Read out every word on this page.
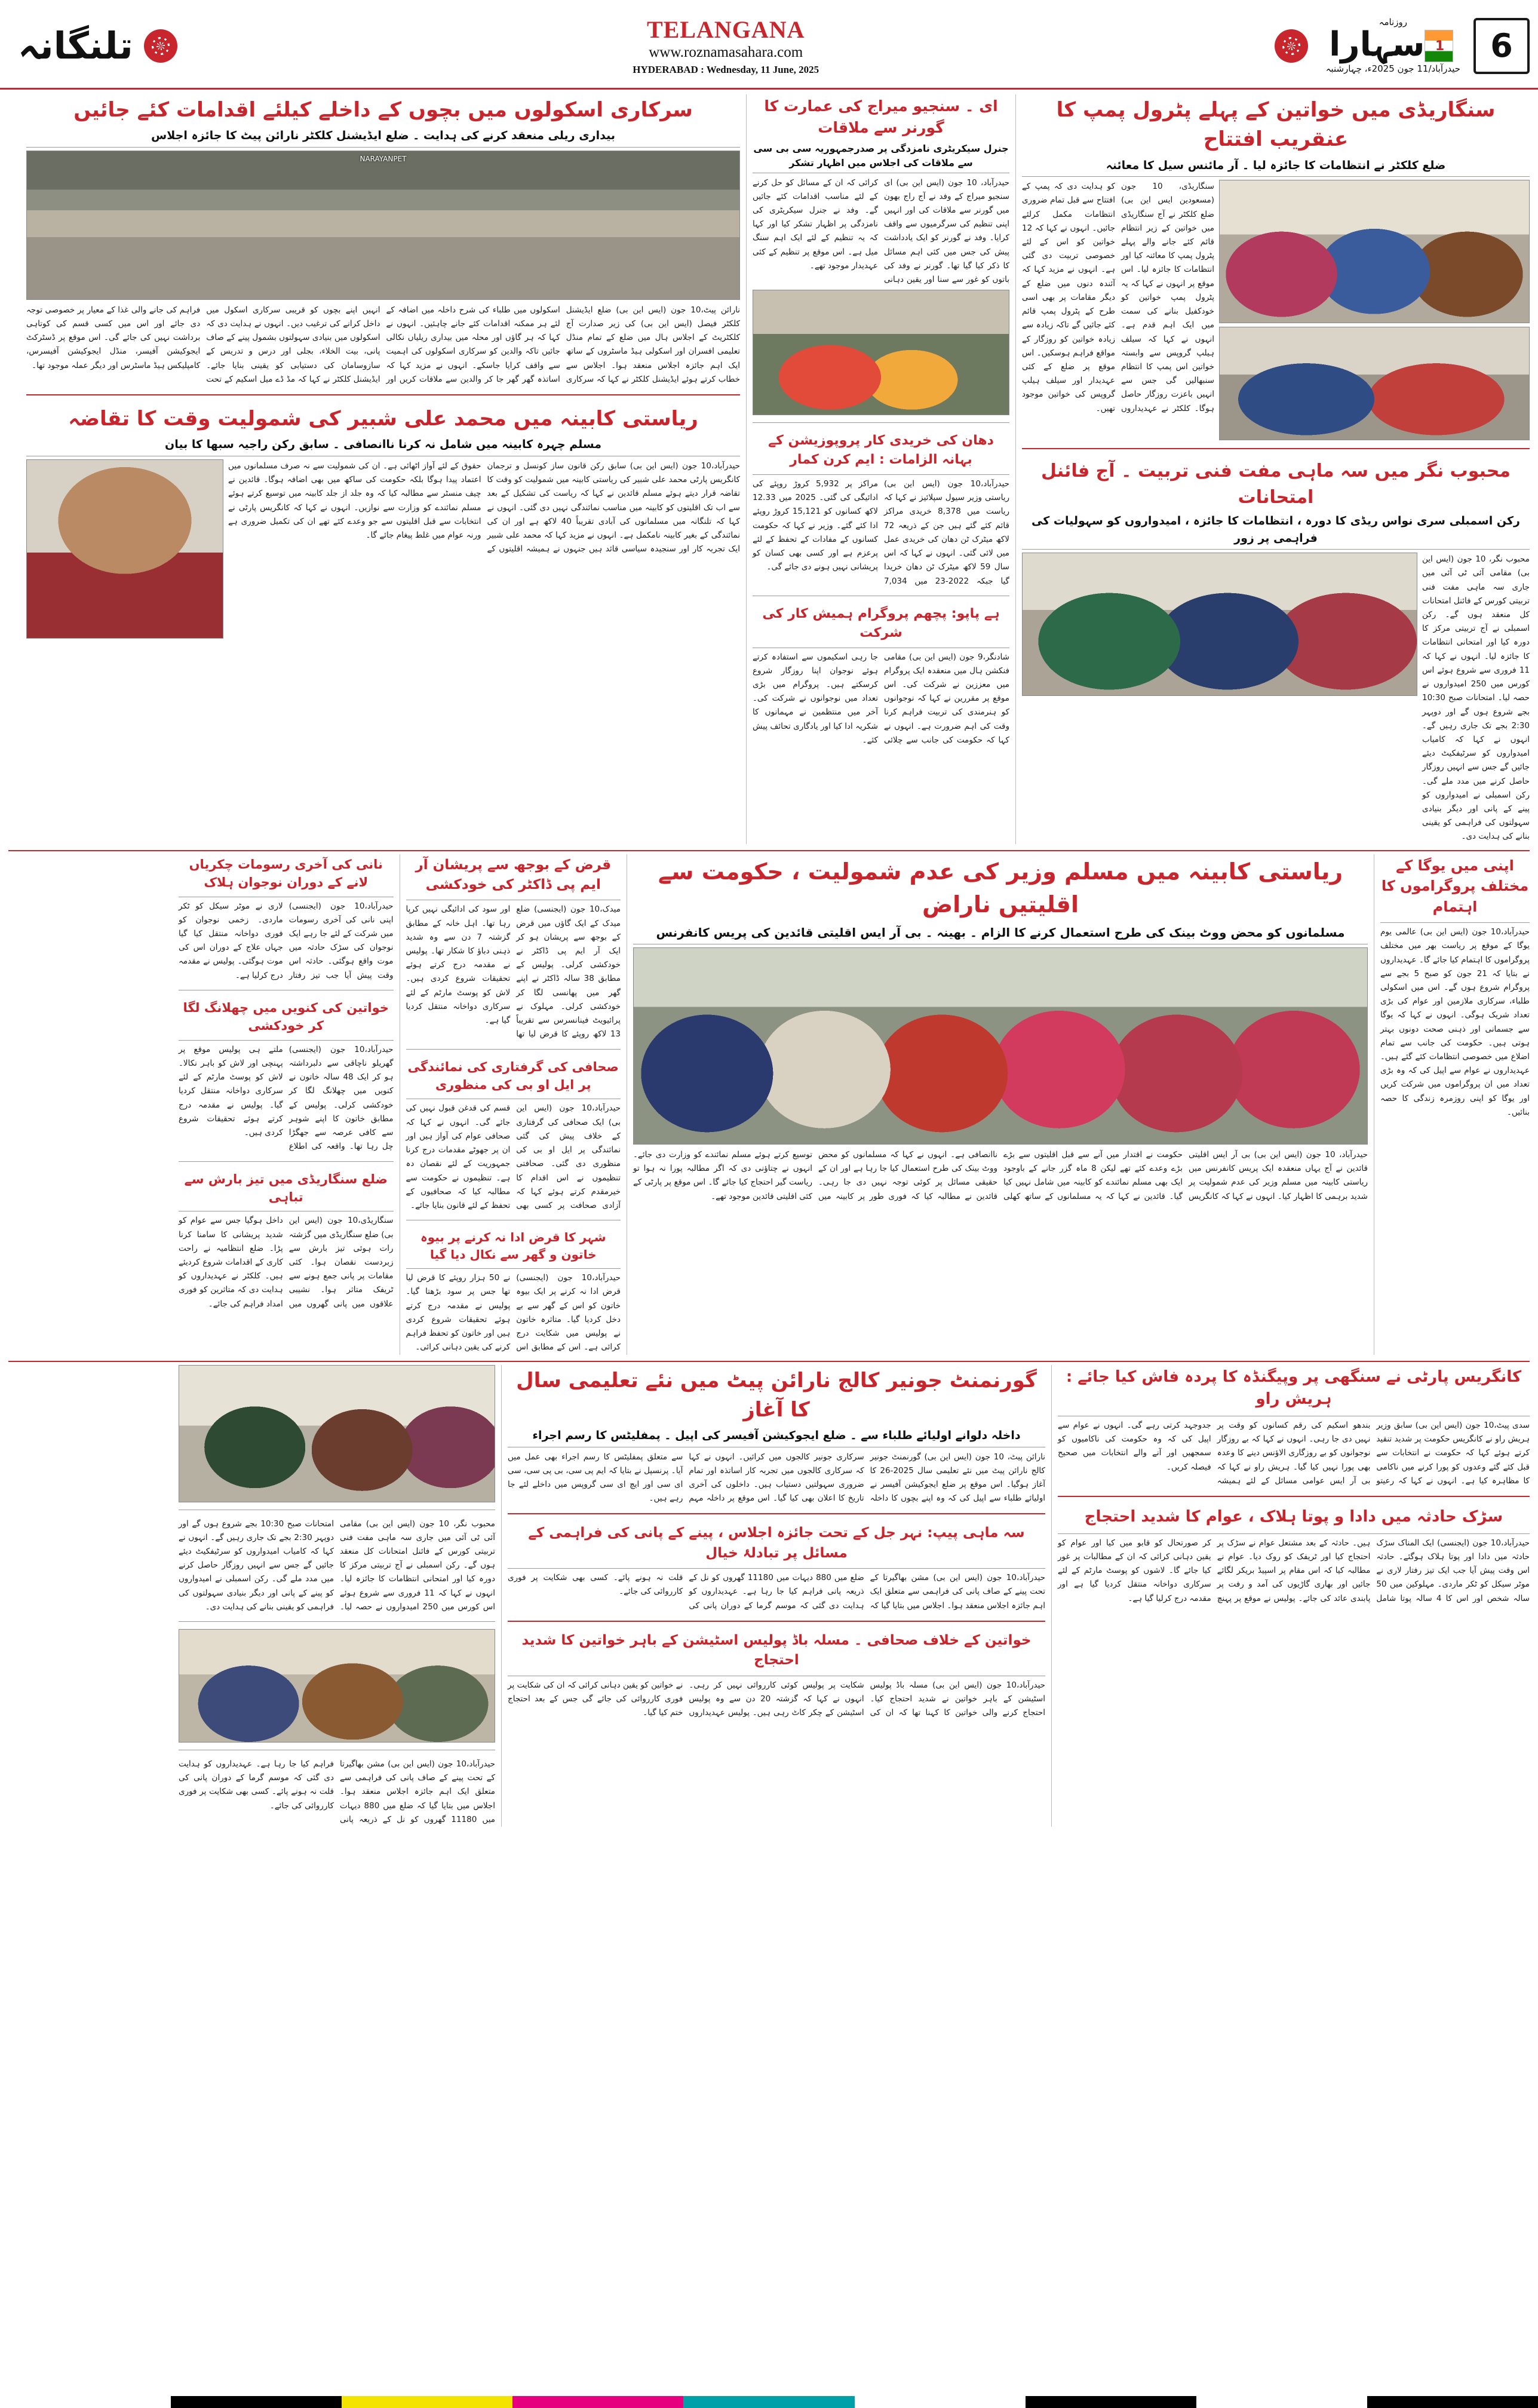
6
روزنامہ
1سہارا
حیدرآباد/11 جون 2025ء، چہارشنبہ
TELANGANA
www.roznamasahara.com
HYDERABAD : Wednesday, 11 June, 2025
تلنگانہ
سنگاریڈی میں خواتین کے پہلے پٹرول پمپ کا عنقریب افتتاح
ضلع کلکٹر نے انتظامات کا جائزہ لیا ۔ آر مائنس سیل کا معائنہ
سنگاریڈی، 10 جون (مسعودین ایس این بی) ضلع کلکٹر نے آج سنگاریڈی میں خواتین کے زیر انتظام قائم کئے جانے والے پہلے پٹرول پمپ کا معائنہ کیا اور انتظامات کا جائزہ لیا۔ اس موقع پر انہوں نے کہا کہ یہ پٹرول پمپ خواتین کو خودکفیل بنانے کی سمت میں ایک اہم قدم ہے۔ انہوں نے کہا کہ سیلف ہیلپ گروپس سے وابستہ خواتین اس پمپ کا انتظام سنبھالیں گی جس سے انہیں باعزت روزگار حاصل ہوگا۔ کلکٹر نے عہدیداروں کو ہدایت دی کہ پمپ کے افتتاح سے قبل تمام ضروری انتظامات مکمل کرلئے جائیں۔ انہوں نے کہا کہ 12 خواتین کو اس کے لئے خصوصی تربیت دی گئی ہے۔ انہوں نے مزید کہا کہ آئندہ دنوں میں ضلع کے دیگر مقامات پر بھی اسی طرح کے پٹرول پمپ قائم کئے جائیں گے تاکہ زیادہ سے زیادہ خواتین کو روزگار کے مواقع فراہم ہوسکیں۔ اس موقع پر ضلع کے کئی عہدیدار اور سیلف ہیلپ گروپس کی خواتین موجود تھیں۔
محبوب نگر میں سہ ماہی مفت فنی تربیت ۔ آج فائنل امتحانات
رکن اسمبلی سری نواس ریڈی کا دورہ ، انتظامات کا جائزہ ، امیدواروں کو سہولیات کی فراہمی پر زور
محبوب نگر، 10 جون (ایس این بی) مقامی آئی ٹی آئی میں جاری سہ ماہی مفت فنی تربیتی کورس کے فائنل امتحانات کل منعقد ہوں گے۔ رکن اسمبلی نے آج تربیتی مرکز کا دورہ کیا اور امتحانی انتظامات کا جائزہ لیا۔ انہوں نے کہا کہ 11 فروری سے شروع ہوئے اس کورس میں 250 امیدواروں نے حصہ لیا۔ امتحانات صبح 10:30 بجے شروع ہوں گے اور دوپہر 2:30 بجے تک جاری رہیں گے۔ انہوں نے کہا کہ کامیاب امیدواروں کو سرٹیفکیٹ دیئے جائیں گے جس سے انہیں روزگار حاصل کرنے میں مدد ملے گی۔ رکن اسمبلی نے امیدواروں کو پینے کے پانی اور دیگر بنیادی سہولتوں کی فراہمی کو یقینی بنانے کی ہدایت دی۔
ای ۔ سنجیو میراج کی عمارت کا گورنر سے ملاقات
جنرل سیکریٹری نامزدگی پر صدرجمہوریہ سی بی سی سے ملاقات کی اجلاس میں اظہار تشکر
حیدرآباد، 10 جون (ایس این بی) ای سنجیو میراج کے وفد نے آج راج بھون میں گورنر سے ملاقات کی اور انہیں اپنی تنظیم کی سرگرمیوں سے واقف کرایا۔ وفد نے گورنر کو ایک یادداشت پیش کی جس میں کئی اہم مسائل کا ذکر کیا گیا تھا۔ گورنر نے وفد کی باتوں کو غور سے سنا اور یقین دہانی کرائی کہ ان کے مسائل کو حل کرنے کے لئے مناسب اقدامات کئے جائیں گے۔ وفد نے جنرل سیکریٹری کی نامزدگی پر اظہار تشکر کیا اور کہا کہ یہ تنظیم کے لئے ایک اہم سنگ میل ہے۔ اس موقع پر تنظیم کے کئی عہدیدار موجود تھے۔
دھان کی خریدی کار پروپوزیشن کے بہانہ الزامات : ایم کرن کمار
حیدرآباد،10 جون (ایس این بی) ریاستی وزیر سیول سپلائیز نے کہا کہ ریاست میں 8,378 خریدی مراکز قائم کئے گئے ہیں جن کے ذریعہ 72 لاکھ میٹرک ٹن دھان کی خریدی عمل میں لائی گئی۔ انہوں نے کہا کہ اس سال 59 لاکھ میٹرک ٹن دھان خریدا گیا جبکہ 2022-23 میں 7,034 مراکز پر 5,932 کروڑ روپئے کی ادائیگی کی گئی۔ 2025 میں 12.33 لاکھ کسانوں کو 15,121 کروڑ روپئے ادا کئے گئے۔ وزیر نے کہا کہ حکومت کسانوں کے مفادات کے تحفظ کے لئے پرعزم ہے اور کسی بھی کسان کو پریشانی نہیں ہونے دی جائے گی۔
ہے پاپو: پچھم پروگرام ہمیش کار کی شرکت
شادنگر،9 جون (ایس این بی) مقامی فنکشن ہال میں منعقدہ ایک پروگرام میں معززین نے شرکت کی۔ اس موقع پر مقررین نے کہا کہ نوجوانوں کو ہنرمندی کی تربیت فراہم کرنا وقت کی اہم ضرورت ہے۔ انہوں نے کہا کہ حکومت کی جانب سے چلائی جا رہی اسکیموں سے استفادہ کرتے ہوئے نوجوان اپنا روزگار شروع کرسکتے ہیں۔ پروگرام میں بڑی تعداد میں نوجوانوں نے شرکت کی۔ آخر میں منتظمین نے مہمانوں کا شکریہ ادا کیا اور یادگاری تحائف پیش کئے۔
سرکاری اسکولوں میں بچوں کے داخلے کیلئے اقدامات کئے جائیں
بیداری ریلی منعقد کرنے کی ہدایت ۔ ضلع ایڈیشنل کلکٹر نارائن پیٹ کا جائزہ اجلاس
NARAYANPET
نارائن پیٹ،10 جون (ایس این بی) ضلع ایڈیشنل کلکٹر فیصل (ایس این بی) کی زیر صدارت آج کلکٹریٹ کے اجلاس ہال میں ضلع کے تمام منڈل تعلیمی افسران اور اسکولی ہیڈ ماسٹروں کے ساتھ ایک اہم جائزہ اجلاس منعقد ہوا۔ اجلاس سے خطاب کرتے ہوئے ایڈیشنل کلکٹر نے کہا کہ سرکاری اسکولوں میں طلباء کی شرح داخلہ میں اضافہ کے لئے ہر ممکنہ اقدامات کئے جانے چاہئیں۔ انہوں نے کہا کہ ہر گاؤں اور محلہ میں بیداری ریلیاں نکالی جائیں تاکہ والدین کو سرکاری اسکولوں کی اہمیت سے واقف کرایا جاسکے۔ انہوں نے مزید کہا کہ اساتذہ گھر گھر جا کر والدین سے ملاقات کریں اور انہیں اپنے بچوں کو قریبی سرکاری اسکول میں داخل کرانے کی ترغیب دیں۔ انہوں نے ہدایت دی کہ اسکولوں میں بنیادی سہولتوں بشمول پینے کے صاف پانی، بیت الخلاء، بجلی اور درس و تدریس کے سازوسامان کی دستیابی کو یقینی بنایا جائے۔ ایڈیشنل کلکٹر نے کہا کہ مڈ ڈے میل اسکیم کے تحت فراہم کی جانے والی غذا کے معیار پر خصوصی توجہ دی جائے اور اس میں کسی قسم کی کوتاہی برداشت نہیں کی جائے گی۔ اس موقع پر ڈسٹرکٹ ایجوکیشن آفیسر، منڈل ایجوکیشن آفیسرس، کامپلیکس ہیڈ ماسٹرس اور دیگر عملہ موجود تھا۔
ریاستی کابینہ میں محمد علی شبیر کی شمولیت وقت کا تقاضہ
مسلم چہرہ کابینہ میں شامل نہ کرنا ناانصافی ۔ سابق رکن راجیہ سبھا کا بیان
حیدرآباد،10 جون (ایس این بی) سابق رکن قانون ساز کونسل و ترجمان کانگریس پارٹی محمد علی شبیر کی ریاستی کابینہ میں شمولیت کو وقت کا تقاضہ قرار دیتے ہوئے مسلم قائدین نے کہا کہ ریاست کی تشکیل کے بعد سے اب تک اقلیتوں کو کابینہ میں مناسب نمائندگی نہیں دی گئی۔ انہوں نے کہا کہ تلنگانہ میں مسلمانوں کی آبادی تقریباً 40 لاکھ ہے اور ان کی نمائندگی کے بغیر کابینہ نامکمل ہے۔ انہوں نے مزید کہا کہ محمد علی شبیر ایک تجربہ کار اور سنجیدہ سیاسی قائد ہیں جنہوں نے ہمیشہ اقلیتوں کے حقوق کے لئے آواز اٹھائی ہے۔ ان کی شمولیت سے نہ صرف مسلمانوں میں اعتماد پیدا ہوگا بلکہ حکومت کی ساکھ میں بھی اضافہ ہوگا۔ قائدین نے چیف منسٹر سے مطالبہ کیا کہ وہ جلد از جلد کابینہ میں توسیع کرتے ہوئے مسلم نمائندے کو وزارت سے نوازیں۔ انہوں نے کہا کہ کانگریس پارٹی نے انتخابات سے قبل اقلیتوں سے جو وعدے کئے تھے ان کی تکمیل ضروری ہے ورنہ عوام میں غلط پیغام جائے گا۔
اپنی میں یوگا کے مختلف پروگراموں کا اہتمام
حیدرآباد،10 جون (ایس این بی) عالمی یوم یوگا کے موقع پر ریاست بھر میں مختلف پروگراموں کا اہتمام کیا جائے گا۔ عہدیداروں نے بتایا کہ 21 جون کو صبح 5 بجے سے پروگرام شروع ہوں گے۔ اس میں اسکولی طلباء، سرکاری ملازمین اور عوام کی بڑی تعداد شریک ہوگی۔ انہوں نے کہا کہ یوگا سے جسمانی اور ذہنی صحت دونوں بہتر ہوتی ہیں۔ حکومت کی جانب سے تمام اضلاع میں خصوصی انتظامات کئے گئے ہیں۔ عہدیداروں نے عوام سے اپیل کی کہ وہ بڑی تعداد میں ان پروگراموں میں شرکت کریں اور یوگا کو اپنی روزمرہ زندگی کا حصہ بنائیں۔
ریاستی کابینہ میں مسلم وزیر کی عدم شمولیت ، حکومت سے اقلیتیں ناراض
مسلمانوں کو محض ووٹ بینک کی طرح استعمال کرنے کا الزام ۔ بھینہ ۔ بی آر ایس اقلیتی قائدین کی پریس کانفرنس
حیدرآباد، 10 جون (ایس این بی) بی آر ایس اقلیتی قائدین نے آج یہاں منعقدہ ایک پریس کانفرنس میں ریاستی کابینہ میں مسلم وزیر کی عدم شمولیت پر شدید برہمی کا اظہار کیا۔ انہوں نے کہا کہ کانگریس حکومت نے اقتدار میں آنے سے قبل اقلیتوں سے بڑے بڑے وعدے کئے تھے لیکن 8 ماہ گزر جانے کے باوجود ایک بھی مسلم نمائندے کو کابینہ میں شامل نہیں کیا گیا۔ قائدین نے کہا کہ یہ مسلمانوں کے ساتھ کھلی ناانصافی ہے۔ انہوں نے کہا کہ مسلمانوں کو محض ووٹ بینک کی طرح استعمال کیا جا رہا ہے اور ان کے حقیقی مسائل پر کوئی توجہ نہیں دی جا رہی۔ قائدین نے مطالبہ کیا کہ فوری طور پر کابینہ میں توسیع کرتے ہوئے مسلم نمائندے کو وزارت دی جائے۔ انہوں نے چتاؤنی دی کہ اگر مطالبہ پورا نہ ہوا تو ریاست گیر احتجاج کیا جائے گا۔ اس موقع پر پارٹی کے کئی اقلیتی قائدین موجود تھے۔
قرض کے بوجھ سے پریشان آر ایم پی ڈاکٹر کی خودکشی
میدک،10 جون (ایجنسی) ضلع میدک کے ایک گاؤں میں قرض کے بوجھ سے پریشان ہو کر ایک آر ایم پی ڈاکٹر نے خودکشی کرلی۔ پولیس کے مطابق 38 سالہ ڈاکٹر نے اپنے گھر میں پھانسی لگا کر خودکشی کرلی۔ مہلوک نے پرائیویٹ فینانسرس سے تقریباً 13 لاکھ روپئے کا قرض لیا تھا اور سود کی ادائیگی نہیں کرپا رہا تھا۔ اہل خانہ کے مطابق گزشتہ 7 دن سے وہ شدید ذہنی دباؤ کا شکار تھا۔ پولیس نے مقدمہ درج کرتے ہوئے تحقیقات شروع کردی ہیں۔ لاش کو پوسٹ مارٹم کے لئے سرکاری دواخانہ منتقل کردیا گیا ہے۔
صحافی کی گرفتاری کی نمائندگی پر ایل او بی کی منظوری
حیدرآباد،10 جون (ایس این بی) ایک صحافی کی گرفتاری کے خلاف پیش کی گئی نمائندگی پر ایل او بی کی منظوری دی گئی۔ صحافتی تنظیموں نے اس اقدام کا خیرمقدم کرتے ہوئے کہا کہ آزادی صحافت پر کسی بھی قسم کی قدغن قبول نہیں کی جائے گی۔ انہوں نے کہا کہ صحافی عوام کی آواز ہیں اور ان پر جھوٹے مقدمات درج کرنا جمہوریت کے لئے نقصان دہ ہے۔ تنظیموں نے حکومت سے مطالبہ کیا کہ صحافیوں کے تحفظ کے لئے قانون بنایا جائے۔
شہر کا قرض ادا نہ کرنے پر بیوہ خاتون و گھر سے نکال دیا گیا
حیدرآباد،10 جون (ایجنسی) قرض ادا نہ کرنے پر ایک بیوہ خاتون کو اس کے گھر سے بے دخل کردیا گیا۔ متاثرہ خاتون نے پولیس میں شکایت درج کرائی ہے۔ اس کے مطابق اس نے 50 ہزار روپئے کا قرض لیا تھا جس پر سود بڑھتا گیا۔ پولیس نے مقدمہ درج کرتے ہوئے تحقیقات شروع کردی ہیں اور خاتون کو تحفظ فراہم کرنے کی یقین دہانی کرائی۔
نانی کی آخری رسومات چکریاں لانے کے دوران نوجوان ہلاک
حیدرآباد،10 جون (ایجنسی) اپنی نانی کی آخری رسومات میں شرکت کے لئے جا رہے ایک نوجوان کی سڑک حادثہ میں موت واقع ہوگئی۔ حادثہ اس وقت پیش آیا جب تیز رفتار لاری نے موٹر سیکل کو ٹکر ماردی۔ زخمی نوجوان کو فوری دواخانہ منتقل کیا گیا جہاں علاج کے دوران اس کی موت ہوگئی۔ پولیس نے مقدمہ درج کرلیا ہے۔
خواتین کی کنویں میں چھلانگ لگا کر خودکشی
حیدرآباد،10 جون (ایجنسی) گھریلو ناچاقی سے دلبرداشتہ ہو کر ایک 48 سالہ خاتون نے کنویں میں چھلانگ لگا کر خودکشی کرلی۔ پولیس کے مطابق خاتون کا اپنے شوہر سے کافی عرصہ سے جھگڑا چل رہا تھا۔ واقعہ کی اطلاع ملتے ہی پولیس موقع پر پہنچی اور لاش کو باہر نکالا۔ لاش کو پوسٹ مارٹم کے لئے سرکاری دواخانہ منتقل کردیا گیا۔ پولیس نے مقدمہ درج کرتے ہوئے تحقیقات شروع کردی ہیں۔
ضلع سنگاریڈی میں تیز بارش سے تباہی
سنگاریڈی،10 جون (ایس این بی) ضلع سنگاریڈی میں گزشتہ رات ہوئی تیز بارش سے زبردست نقصان ہوا۔ کئی مقامات پر پانی جمع ہونے سے ٹریفک متاثر ہوا۔ نشیبی علاقوں میں پانی گھروں میں داخل ہوگیا جس سے عوام کو شدید پریشانی کا سامنا کرنا پڑا۔ ضلع انتظامیہ نے راحت کاری کے اقدامات شروع کردیئے ہیں۔ کلکٹر نے عہدیداروں کو ہدایت دی کہ متاثرین کو فوری امداد فراہم کی جائے۔
کانگریس پارٹی نے سنگھی پر وپیگنڈہ کا پردہ فاش کیا جائے : ہریش راو
سدی پیٹ،10 جون (ایس این بی) سابق وزیر ہریش راو نے کانگریس حکومت پر شدید تنقید کرتے ہوئے کہا کہ حکومت نے انتخابات سے قبل کئے گئے وعدوں کو پورا کرنے میں ناکامی کا مظاہرہ کیا ہے۔ انہوں نے کہا کہ رعیتو بندھو اسکیم کی رقم کسانوں کو وقت پر نہیں دی جا رہی۔ انہوں نے کہا کہ بے روزگار نوجوانوں کو بے روزگاری الاؤنس دینے کا وعدہ بھی پورا نہیں کیا گیا۔ ہریش راو نے کہا کہ بی آر ایس عوامی مسائل کے لئے ہمیشہ جدوجہد کرتی رہے گی۔ انہوں نے عوام سے اپیل کی کہ وہ حکومت کی ناکامیوں کو سمجھیں اور آنے والے انتخابات میں صحیح فیصلہ کریں۔
سڑک حادثہ میں دادا و پوتا ہلاک ، عوام کا شدید احتجاج
حیدرآباد،10 جون (ایجنسی) ایک المناک سڑک حادثہ میں دادا اور پوتا ہلاک ہوگئے۔ حادثہ اس وقت پیش آیا جب ایک تیز رفتار لاری نے موٹر سیکل کو ٹکر ماردی۔ مہلوکین میں 50 سالہ شخص اور اس کا 4 سالہ پوتا شامل ہیں۔ حادثہ کے بعد مشتعل عوام نے سڑک پر احتجاج کیا اور ٹریفک کو روک دیا۔ عوام نے مطالبہ کیا کہ اس مقام پر اسپیڈ بریکر لگائے جائیں اور بھاری گاڑیوں کی آمد و رفت پر پابندی عائد کی جائے۔ پولیس نے موقع پر پہنچ کر صورتحال کو قابو میں کیا اور عوام کو یقین دہانی کرائی کہ ان کے مطالبات پر غور کیا جائے گا۔ لاشوں کو پوسٹ مارٹم کے لئے سرکاری دواخانہ منتقل کردیا گیا ہے اور مقدمہ درج کرلیا گیا ہے۔
گورنمنٹ جونیر کالج نارائن پیٹ میں نئے تعلیمی سال کا آغاز
داخلہ دلوانے اولیائے طلباء سے ۔ ضلع ایجوکیشن آفیسر کی اپیل ۔ پمفلیٹس کا رسم اجراء
نارائن پیٹ، 10 جون (ایس این بی) گورنمنٹ جونیر کالج نارائن پیٹ میں نئے تعلیمی سال 2025-26 کا آغاز ہوگیا۔ اس موقع پر ضلع ایجوکیشن آفیسر نے اولیائے طلباء سے اپیل کی کہ وہ اپنے بچوں کا داخلہ سرکاری جونیر کالجوں میں کرائیں۔ انہوں نے کہا کہ سرکاری کالجوں میں تجربہ کار اساتذہ اور تمام ضروری سہولتیں دستیاب ہیں۔ داخلوں کی آخری تاریخ کا اعلان بھی کیا گیا۔ اس موقع پر داخلہ مہم سے متعلق پمفلیٹس کا رسم اجراء بھی عمل میں آیا۔ پرنسپل نے بتایا کہ ایم پی سی، بی پی سی، سی ای سی اور ایچ ای سی گروپس میں داخلے لئے جا رہے ہیں۔
سہ ماہی پیپ: نہر جل کے تحت جائزہ اجلاس ، پینے کے پانی کی فراہمی کے مسائل پر تبادلۂ خیال
حیدرآباد،10 جون (ایس این بی) مشن بھاگیرتا کے تحت پینے کے صاف پانی کی فراہمی سے متعلق ایک اہم جائزہ اجلاس منعقد ہوا۔ اجلاس میں بتایا گیا کہ ضلع میں 880 دیہات میں 11180 گھروں کو نل کے ذریعہ پانی فراہم کیا جا رہا ہے۔ عہدیداروں کو ہدایت دی گئی کہ موسم گرما کے دوران پانی کی قلت نہ ہونے پائے۔ کسی بھی شکایت پر فوری کارروائی کی جائے۔
خواتین کے خلاف صحافی ۔ مسلہ باڈ پولیس اسٹیشن کے باہر خواتین کا شدید احتجاج
حیدرآباد،10 جون (ایس این بی) مسلہ باڈ پولیس اسٹیشن کے باہر خواتین نے شدید احتجاج کیا۔ احتجاج کرنے والی خواتین کا کہنا تھا کہ ان کی شکایت پر پولیس کوئی کارروائی نہیں کر رہی۔ انہوں نے کہا کہ گزشتہ 20 دن سے وہ پولیس اسٹیشن کے چکر کاٹ رہی ہیں۔ پولیس عہدیداروں نے خواتین کو یقین دہانی کرائی کہ ان کی شکایت پر فوری کارروائی کی جائے گی جس کے بعد احتجاج ختم کیا گیا۔
محبوب نگر، 10 جون (ایس این بی) مقامی آئی ٹی آئی میں جاری سہ ماہی مفت فنی تربیتی کورس کے فائنل امتحانات کل منعقد ہوں گے۔ رکن اسمبلی نے آج تربیتی مرکز کا دورہ کیا اور امتحانی انتظامات کا جائزہ لیا۔ انہوں نے کہا کہ 11 فروری سے شروع ہوئے اس کورس میں 250 امیدواروں نے حصہ لیا۔ امتحانات صبح 10:30 بجے شروع ہوں گے اور دوپہر 2:30 بجے تک جاری رہیں گے۔ انہوں نے کہا کہ کامیاب امیدواروں کو سرٹیفکیٹ دیئے جائیں گے جس سے انہیں روزگار حاصل کرنے میں مدد ملے گی۔ رکن اسمبلی نے امیدواروں کو پینے کے پانی اور دیگر بنیادی سہولتوں کی فراہمی کو یقینی بنانے کی ہدایت دی۔
حیدرآباد،10 جون (ایس این بی) مشن بھاگیرتا کے تحت پینے کے صاف پانی کی فراہمی سے متعلق ایک اہم جائزہ اجلاس منعقد ہوا۔ اجلاس میں بتایا گیا کہ ضلع میں 880 دیہات میں 11180 گھروں کو نل کے ذریعہ پانی فراہم کیا جا رہا ہے۔ عہدیداروں کو ہدایت دی گئی کہ موسم گرما کے دوران پانی کی قلت نہ ہونے پائے۔ کسی بھی شکایت پر فوری کارروائی کی جائے۔
